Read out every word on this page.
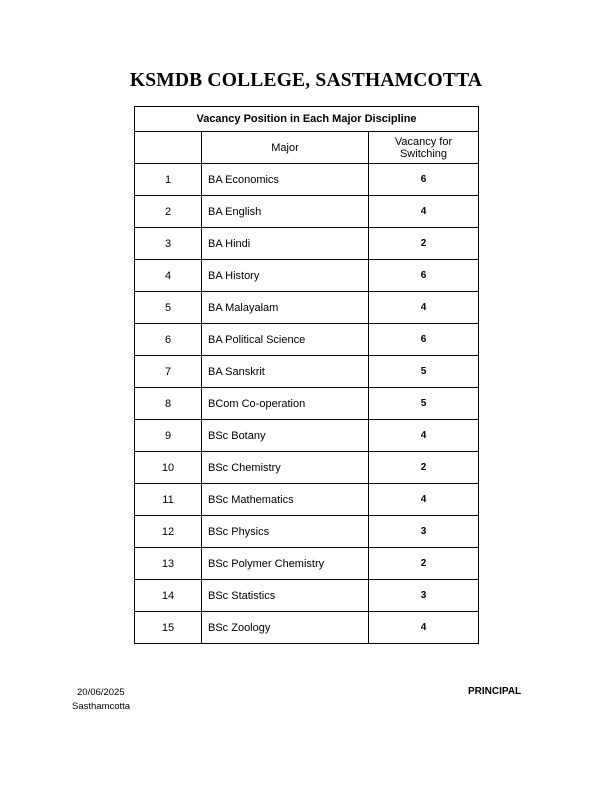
KSMDB COLLEGE, SASTHAMCOTTA
Vacancy Position in Each Major Discipline		
	Major	Vacancy for
Switching
1	BA Economics	6
2	BA English	4
3	BA Hindi	2
4	BA History	6
5	BA Malayalam	4
6	BA Political Science	6
7	BA Sanskrit	5
8	BCom Co-operation	5
9	BSc Botany	4
10	BSc Chemistry	2
11	BSc Mathematics	4
12	BSc Physics	3
13	BSc Polymer Chemistry	2
14	BSc Statistics	3
15	BSc Zoology	4
20/06/2025
Sasthamcotta
PRINCIPAL
